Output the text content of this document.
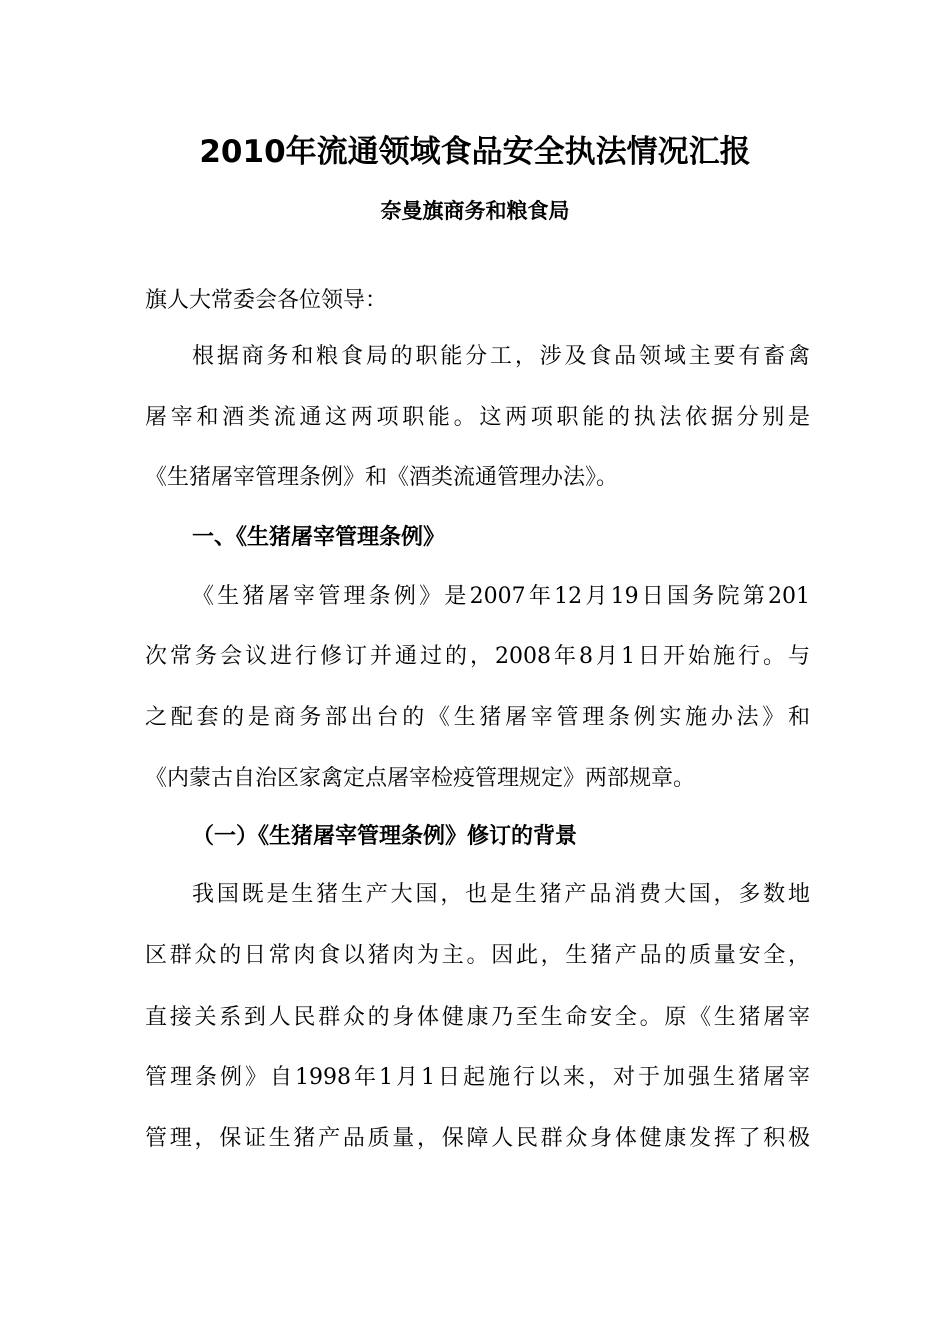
2010年流通领域食品安全执法情况汇报
奈曼旗商务和粮食局
旗人大常委会各位领导：
根据商务和粮食局的职能分工，涉及食品领域主要有畜禽
屠宰和酒类流通这两项职能。这两项职能的执法依据分别是
《生猪屠宰管理条例》和《酒类流通管理办法》。
一、《生猪屠宰管理条例》
《生猪屠宰管理条例》是2007年12月19日国务院第201
次常务会议进行修订并通过的，2008年8月1日开始施行。与
之配套的是商务部出台的《生猪屠宰管理条例实施办法》和
《内蒙古自治区家禽定点屠宰检疫管理规定》两部规章。
（一）《生猪屠宰管理条例》修订的背景
我国既是生猪生产大国，也是生猪产品消费大国，多数地
区群众的日常肉食以猪肉为主。因此，生猪产品的质量安全，
直接关系到人民群众的身体健康乃至生命安全。原《生猪屠宰
管理条例》自1998年1月1日起施行以来，对于加强生猪屠宰
管理，保证生猪产品质量，保障人民群众身体健康发挥了积极
